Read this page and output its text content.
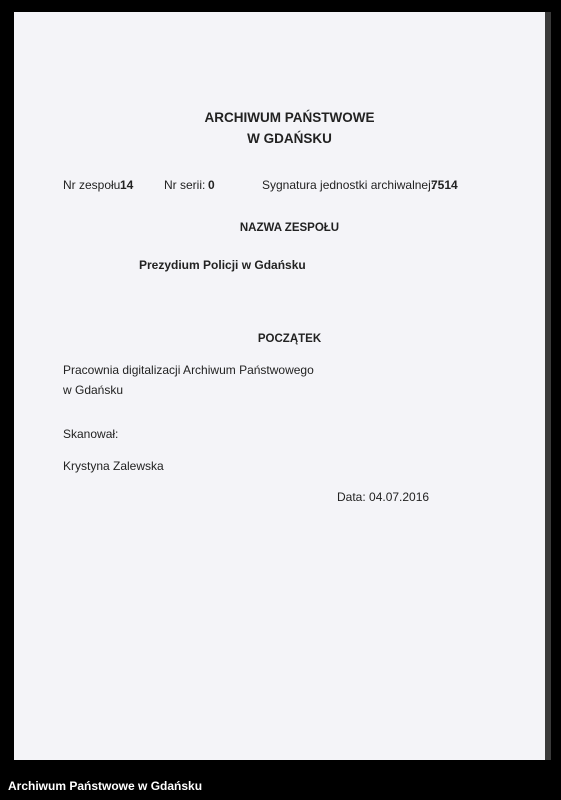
ARCHIWUM PAŃSTWOWE
W GDAŃSKU
Nr zespołu 14	Nr serii: 0	Sygnatura jednostki archiwalnej:
7514
NAZWA ZESPOŁU
Prezydium Policji w Gdańsku
POCZĄTEK
Pracownia digitalizacji Archiwum Państwowego
w Gdańsku
Skanował:
Krystyna Zalewska
Data: 04.07.2016
Archiwum Państwowe w Gdańsku
